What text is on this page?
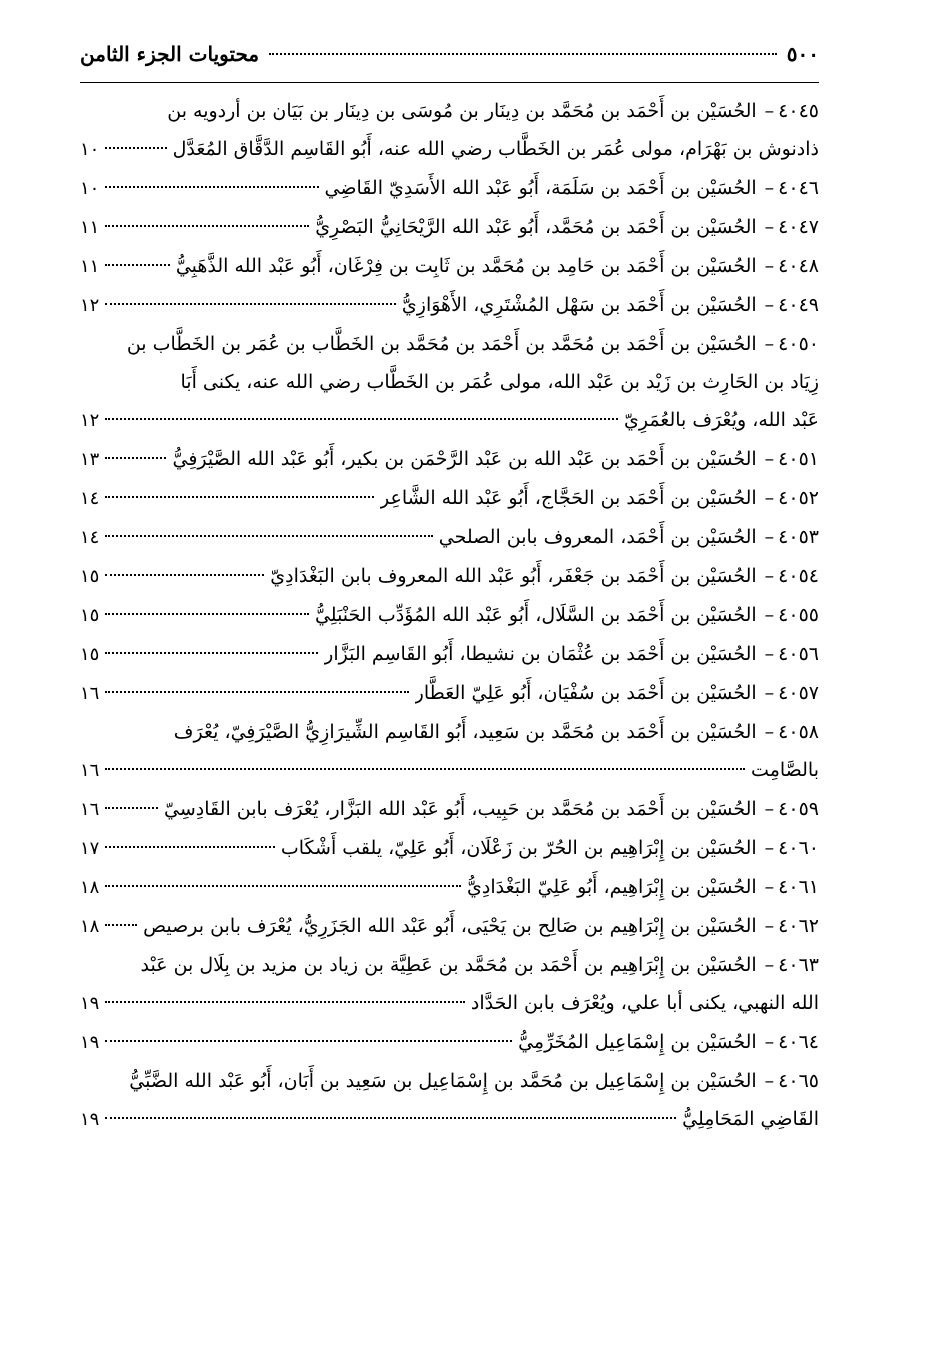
٥٠٠
محتويات الجزء الثامن
٤٠٤٥
–
الحُسَيْن بن أَحْمَد بن مُحَمَّد بن دِينَار بن مُوسَى بن دِينَار بن بَيَان بن أردويه بن
ذادنوش بن بَهْرَام، مولى عُمَر بن الخَطَّاب رضي الله عنه، أَبُو القَاسِم الدَّقَّاق المُعَدَّل
١٠
٤٠٤٦
–
الحُسَيْن بن أَحْمَد بن سَلَمَة، أَبُو عَبْد الله الأَسَدِيّ القَاضِي
١٠
٤٠٤٧
–
الحُسَيْن بن أَحْمَد بن مُحَمَّد، أَبُو عَبْد الله الرَّيْحَانِيُّ البَصْرِيُّ
١١
٤٠٤٨
–
الحُسَيْن بن أَحْمَد بن حَامِد بن مُحَمَّد بن ثَابِت بن فِرْغَان، أَبُو عَبْد الله الذَّهَبِيُّ
١١
٤٠٤٩
–
الحُسَيْن بن أَحْمَد بن سَهْل المُشْتَرِي، الأَهْوَازِيُّ
١٢
٤٠٥٠
–
الحُسَيْن بن أَحْمَد بن مُحَمَّد بن أَحْمَد بن مُحَمَّد بن الخَطَّاب بن عُمَر بن الخَطَّاب بن
زِيَاد بن الحَارِث بن زَيْد بن عَبْد الله، مولى عُمَر بن الخَطَّاب رضي الله عنه، يكنى أَبَا
عَبْد الله، ويُعْرَف بالعُمَرِيّ
١٢
٤٠٥١
–
الحُسَيْن بن أَحْمَد بن عَبْد الله بن عَبْد الرَّحْمَن بن بكير، أَبُو عَبْد الله الصَّيْرَفِيُّ
١٣
٤٠٥٢
–
الحُسَيْن بن أَحْمَد بن الحَجَّاج، أَبُو عَبْد الله الشَّاعِر
١٤
٤٠٥٣
–
الحُسَيْن بن أَحْمَد، المعروف بابن الصلحي
١٤
٤٠٥٤
–
الحُسَيْن بن أَحْمَد بن جَعْفَر، أَبُو عَبْد الله المعروف بابن البَغْدَادِيّ
١٥
٤٠٥٥
–
الحُسَيْن بن أَحْمَد بن السَّلَال، أَبُو عَبْد الله المُؤَدِّب الحَنْبَلِيُّ
١٥
٤٠٥٦
–
الحُسَيْن بن أَحْمَد بن عُثْمَان بن نشيطا، أَبُو القَاسِم البَزَّار
١٥
٤٠٥٧
–
الحُسَيْن بن أَحْمَد بن سُفْيَان، أَبُو عَلِيّ العَطَّار
١٦
٤٠٥٨
–
الحُسَيْن بن أَحْمَد بن مُحَمَّد بن سَعِيد، أَبُو القَاسِم الشِّيرَازِيُّ الصَّيْرَفِيّ، يُعْرَف
بالصَّامِت
١٦
٤٠٥٩
–
الحُسَيْن بن أَحْمَد بن مُحَمَّد بن حَبِيب، أَبُو عَبْد الله البَزَّار، يُعْرَف بابن القَادِسِيّ
١٦
٤٠٦٠
–
الحُسَيْن بن إِبْرَاهِيم بن الحُرّ بن زَعْلَان، أَبُو عَلِيّ، يلقب أَشْكَاب
١٧
٤٠٦١
–
الحُسَيْن بن إِبْرَاهِيم، أَبُو عَلِيّ البَغْدَادِيُّ
١٨
٤٠٦٢
–
الحُسَيْن بن إِبْرَاهِيم بن صَالِح بن يَحْيَى، أَبُو عَبْد الله الجَزَرِيُّ، يُعْرَف بابن برصيص
١٨
٤٠٦٣
–
الحُسَيْن بن إِبْرَاهِيم بن أَحْمَد بن مُحَمَّد بن عَطِيَّة بن زياد بن مزيد بن بِلَال بن عَبْد
الله النهبي، يكنى أبا علي، ويُعْرَف بابن الحَدَّاد
١٩
٤٠٦٤
–
الحُسَيْن بن إِسْمَاعِيل المُخَرِّمِيُّ
١٩
٤٠٦٥
–
الحُسَيْن بن إِسْمَاعِيل بن مُحَمَّد بن إِسْمَاعِيل بن سَعِيد بن أَبَان، أَبُو عَبْد الله الضَّبِّيُّ
القَاضِي المَحَامِلِيُّ
١٩
